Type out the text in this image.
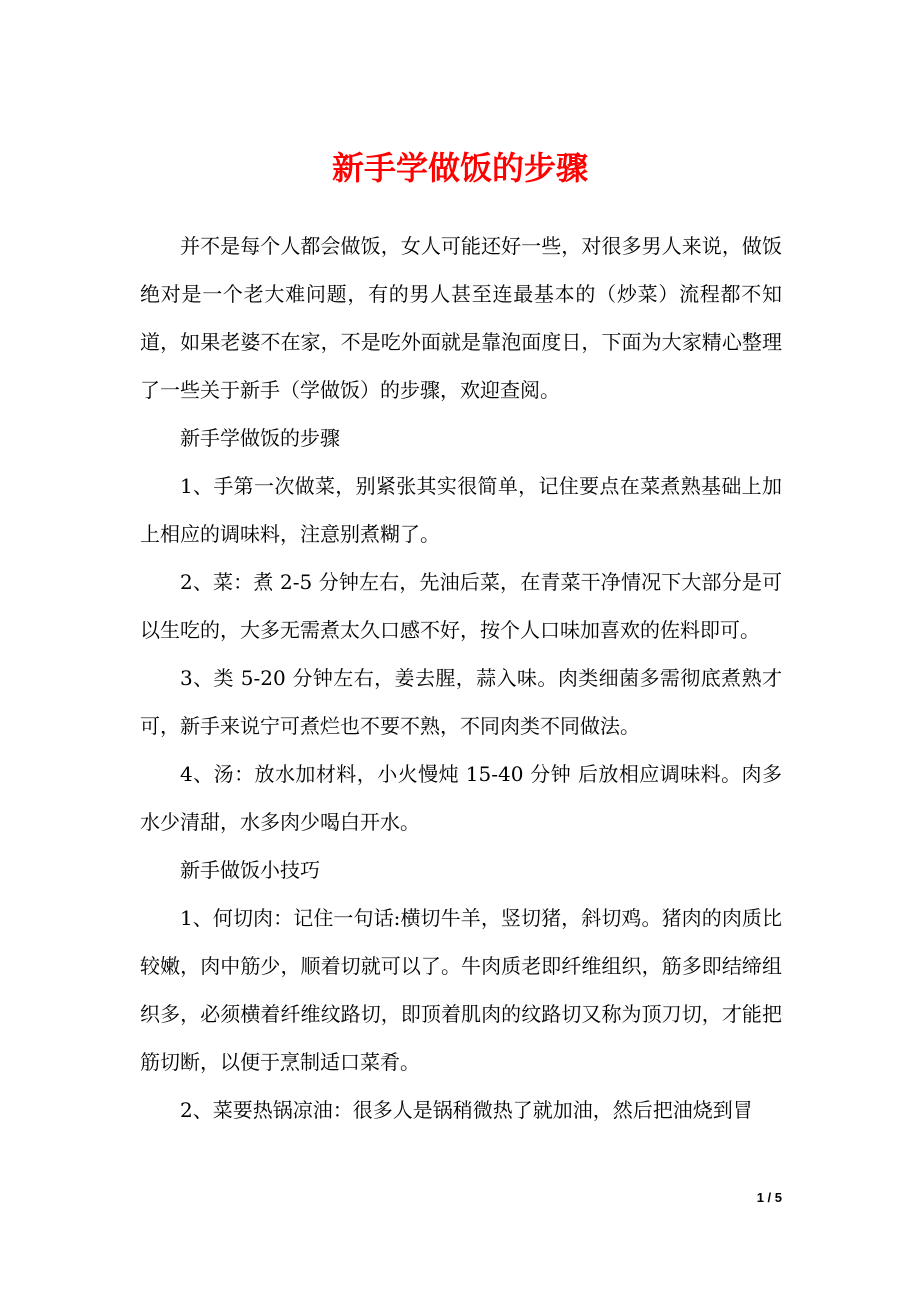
新手学做饭的步骤

并不是每个人都会做饭，女人可能还好一些，对很多男人来说，做饭绝对是一个老大难问题，有的男人甚至连最基本的（炒菜）流程都不知道，如果老婆不在家，不是吃外面就是靠泡面度日，下面为大家精心整理了一些关于新手（学做饭）的步骤，欢迎查阅。

新手学做饭的步骤

1、手第一次做菜，别紧张其实很简单，记住要点在菜煮熟基础上加上相应的调味料，注意别煮糊了。

2、菜：煮 2-5 分钟左右，先油后菜，在青菜干净情况下大部分是可以生吃的，大多无需煮太久口感不好，按个人口味加喜欢的佐料即可。

3、类 5-20 分钟左右，姜去腥，蒜入味。肉类细菌多需彻底煮熟才可，新手来说宁可煮烂也不要不熟，不同肉类不同做法。

4、汤：放水加材料，小火慢炖 15-40 分钟 后放相应调味料。肉多水少清甜，水多肉少喝白开水。

新手做饭小技巧

1、何切肉：记住一句话:横切牛羊，竖切猪，斜切鸡。猪肉的肉质比较嫩，肉中筋少，顺着切就可以了。牛肉质老即纤维组织，筋多即结缔组织多，必须横着纤维纹路切，即顶着肌肉的纹路切又称为顶刀切，才能把筋切断，以便于烹制适口菜肴。

2、菜要热锅凉油：很多人是锅稍微热了就加油，然后把油烧到冒

1 / 5
